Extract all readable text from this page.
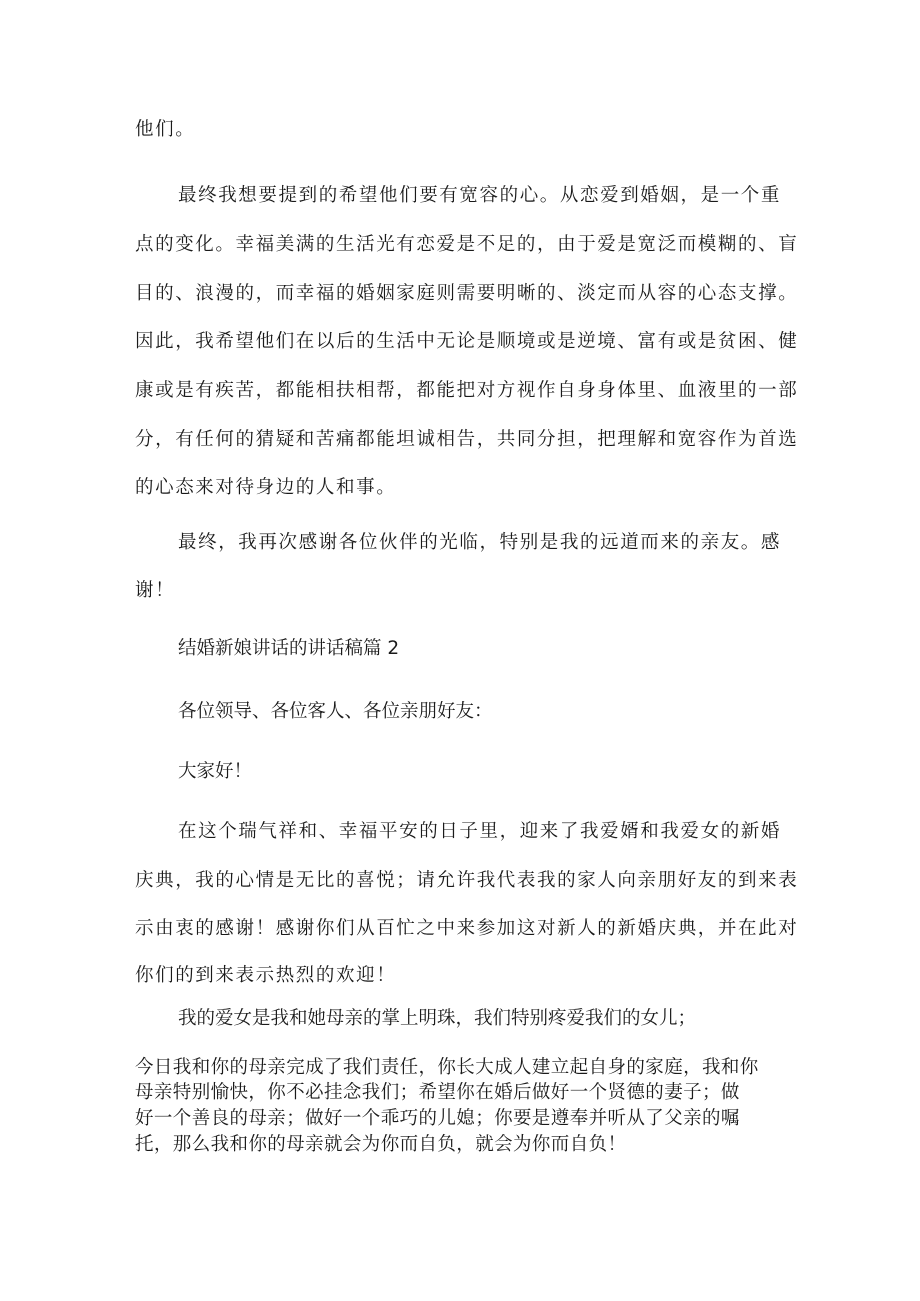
他们。
最终我想要提到的希望他们要有宽容的心。从恋爱到婚姻，是一个重
点的变化。幸福美满的生活光有恋爱是不足的，由于爱是宽泛而模糊的、盲
目的、浪漫的，而幸福的婚姻家庭则需要明晰的、淡定而从容的心态支撑。
因此，我希望他们在以后的生活中无论是顺境或是逆境、富有或是贫困、健
康或是有疾苦，都能相扶相帮，都能把对方视作自身身体里、血液里的一部
分，有任何的猜疑和苦痛都能坦诚相告，共同分担，把理解和宽容作为首选
的心态来对待身边的人和事。
最终，我再次感谢各位伙伴的光临，特别是我的远道而来的亲友。感
谢！
结婚新娘讲话的讲话稿篇 2
各位领导、各位客人、各位亲朋好友：
大家好！
在这个瑞气祥和、幸福平安的日子里，迎来了我爱婿和我爱女的新婚
庆典，我的心情是无比的喜悦；请允许我代表我的家人向亲朋好友的到来表
示由衷的感谢！感谢你们从百忙之中来参加这对新人的新婚庆典，并在此对
你们的到来表示热烈的欢迎！
我的爱女是我和她母亲的掌上明珠，我们特别疼爱我们的女儿；
今日我和你的母亲完成了我们责任，你长大成人建立起自身的家庭，我和你
母亲特别愉快，你不必挂念我们；希望你在婚后做好一个贤德的妻子；做
好一个善良的母亲；做好一个乖巧的儿媳；你要是遵奉并听从了父亲的嘱
托，那么我和你的母亲就会为你而自负，就会为你而自负！
